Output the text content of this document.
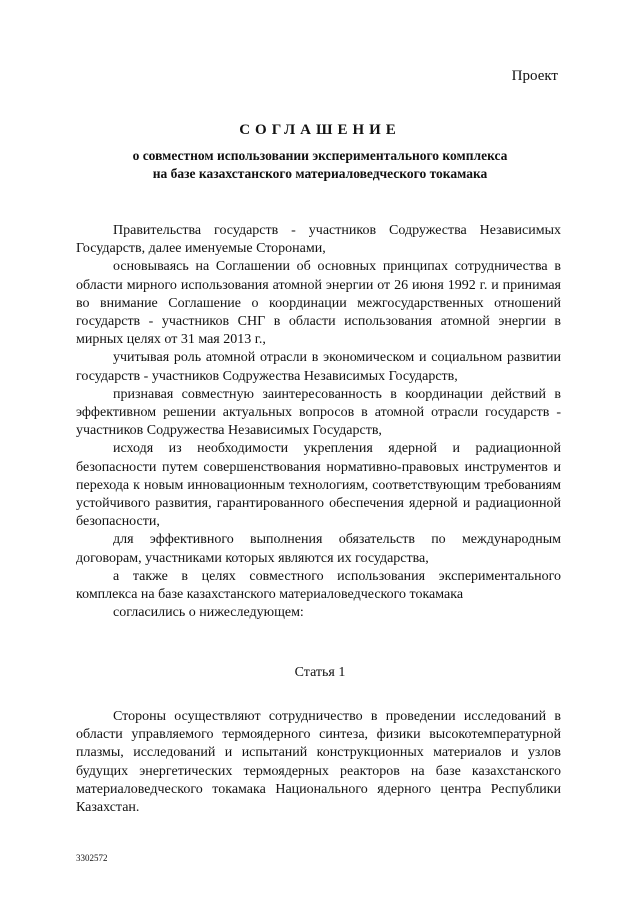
Проект
СОГЛАШЕНИЕ
о совместном использовании экспериментального комплекса
на базе казахстанского материаловедческого токамака

Правительства государств - участников Содружества Независимых Государств, далее именуемые Сторонами,

основываясь на Соглашении об основных принципах сотрудничества в области мирного использования атомной энергии от 26 июня 1992 г. и принимая во внимание Соглашение о координации межгосударственных отношений государств - участников СНГ в области использования атомной энергии в мирных целях от 31 мая 2013 г.,

учитывая роль атомной отрасли в экономическом и социальном развитии государств - участников Содружества Независимых Государств,

признавая совместную заинтересованность в координации действий в эффективном решении актуальных вопросов в атомной отрасли государств - участников Содружества Независимых Государств,

исходя из необходимости укрепления ядерной и радиационной безопасности путем совершенствования нормативно-правовых инструментов и перехода к новым инновационным технологиям, соответствующим требованиям устойчивого развития, гарантированного обеспечения ядерной и радиационной безопасности,

для эффективного выполнения обязательств по международным договорам, участниками которых являются их государства,

а также в целях совместного использования экспериментального комплекса на базе казахстанского материаловедческого токамака

согласились о нижеследующем:

Статья 1

Стороны осуществляют сотрудничество в проведении исследований в области управляемого термоядерного синтеза, физики высокотемпературной плазмы, исследований и испытаний конструкционных материалов и узлов будущих энергетических термоядерных реакторов на базе казахстанского материаловедческого токамака Национального ядерного центра Республики Казахстан.

3302572
